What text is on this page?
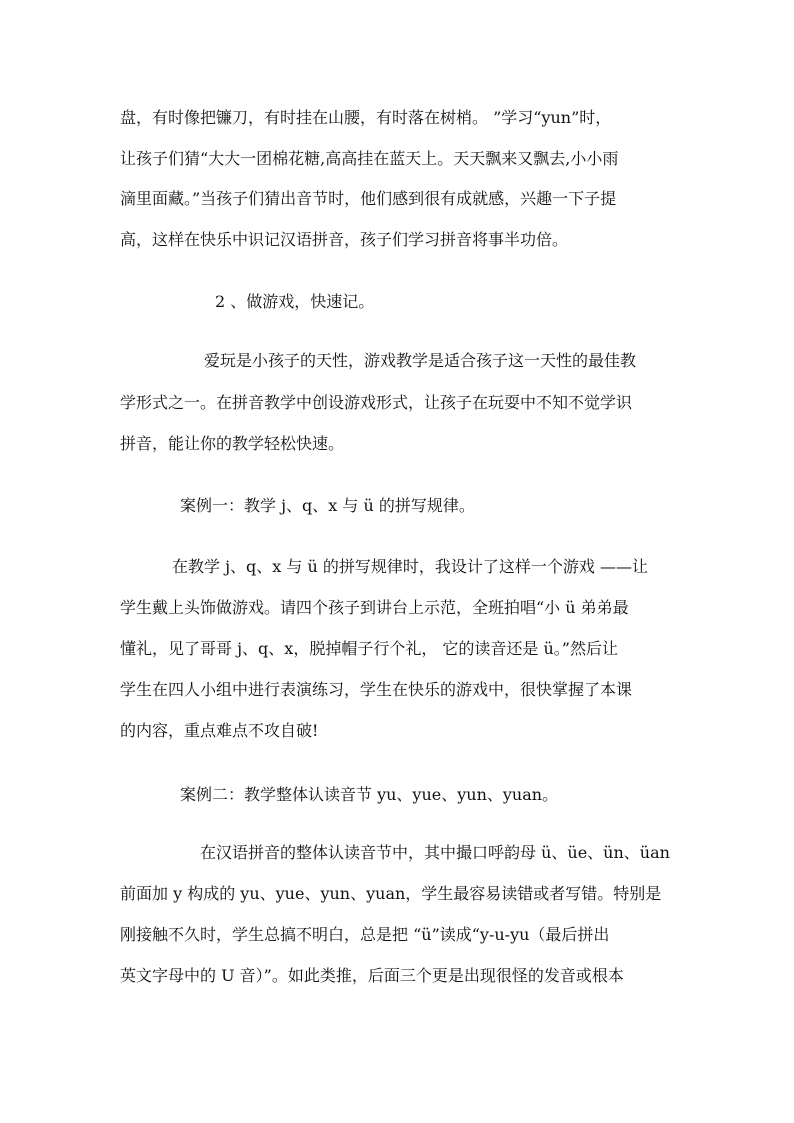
盘，有时像把镰刀，有时挂在山腰，有时落在树梢。 ”学习“yun”时，
让孩子们猜“大大一团棉花糖,高高挂在蓝天上。天天飘来又飘去,小小雨
滴里面藏。”当孩子们猜出音节时，他们感到很有成就感，兴趣一下子提
高，这样在快乐中识记汉语拼音，孩子们学习拼音将事半功倍。
2 、做游戏，快速记。
爱玩是小孩子的天性，游戏教学是适合孩子这一天性的最佳教
学形式之一。在拼音教学中创设游戏形式，让孩子在玩耍中不知不觉学识
拼音，能让你的教学轻松快速。
案例一：教学 j、q、x 与 ü 的拼写规律。
在教学 j、q、x 与 ü 的拼写规律时，我设计了这样一个游戏 ——让
学生戴上头饰做游戏。请四个孩子到讲台上示范，全班拍唱“小 ü 弟弟最
懂礼，见了哥哥 j、q、x，脱掉帽子行个礼， 它的读音还是 ü。”然后让
学生在四人小组中进行表演练习，学生在快乐的游戏中，很快掌握了本课
的内容，重点难点不攻自破!
案例二：教学整体认读音节 yu、yue、yun、yuan。
在汉语拼音的整体认读音节中，其中撮口呼韵母 ü、üe、ün、üan
前面加 y 构成的 yu、yue、yun、yuan，学生最容易读错或者写错。特别是
刚接触不久时，学生总搞不明白，总是把 “ü”读成“y-u-yu（最后拼出
英文字母中的 U 音）”。如此类推，后面三个更是出现很怪的发音或根本
